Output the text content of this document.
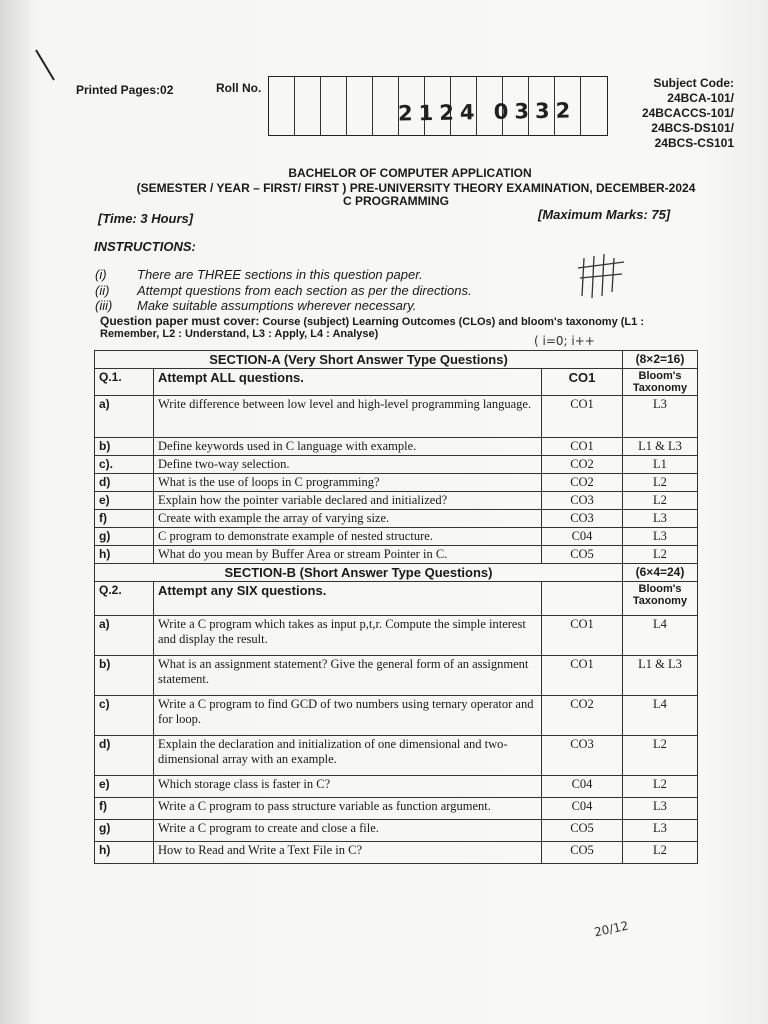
Printed Pages:02	Roll No.
2124 0332
Subject Code:
24BCA-101/
24BCACCS-101/
24BCS-DS101/
24BCS-CS101
BACHELOR OF COMPUTER APPLICATION
(SEMESTER / YEAR – FIRST/ FIRST ) PRE-UNIVERSITY THEORY EXAMINATION, DECEMBER-2024
C PROGRAMMING
[Time: 3 Hours]	[Maximum Marks: 75]
INSTRUCTIONS:
(i) There are THREE sections in this question paper.
(ii) Attempt questions from each section as per the directions.
(iii) Make suitable assumptions wherever necessary.
Question paper must cover: Course (subject) Learning Outcomes (CLOs) and bloom's taxonomy (L1 :
Remember, L2 : Understand, L3 : Apply, L4 : Analyse)	( i=0; i++
SECTION-A (Very Short Answer Type Questions)			(8×2=16)
Q.1.	Attempt ALL questions.	CO1	Bloom's Taxonomy
a)	Write difference between low level and high-level programming language.	CO1	L3
b)	Define keywords used in C language with example.	CO1	L1 & L3
c).	Define two-way selection.	CO2	L1
d)	What is the use of loops in C programming?	CO2	L2
e)	Explain how the pointer variable declared and initialized?	CO3	L2
f)	Create with example the array of varying size.	CO3	L3
g)	C program to demonstrate example of nested structure.	C04	L3
h)	What do you mean by Buffer Area or stream Pointer in C.	CO5	L2
SECTION-B (Short Answer Type Questions)			(6×4=24)
Q.2.	Attempt any SIX questions.		Bloom's Taxonomy
a)	Write a C program which takes as input p,t,r. Compute the simple interest and display the result.	CO1	L4
b)	What is an assignment statement? Give the general form of an assignment statement.	CO1	L1 & L3
c)	Write a C program to find GCD of two numbers using ternary operator and for loop.	CO2	L4
d)	Explain the declaration and initialization of one dimensional and two-dimensional array with an example.	CO3	L2
e)	Which storage class is faster in C?	C04	L2
f)	Write a C program to pass structure variable as function argument.	C04	L3
g)	Write a C program to create and close a file.	CO5	L3
h)	How to Read and Write a Text File in C?	CO5	L2
20/12
